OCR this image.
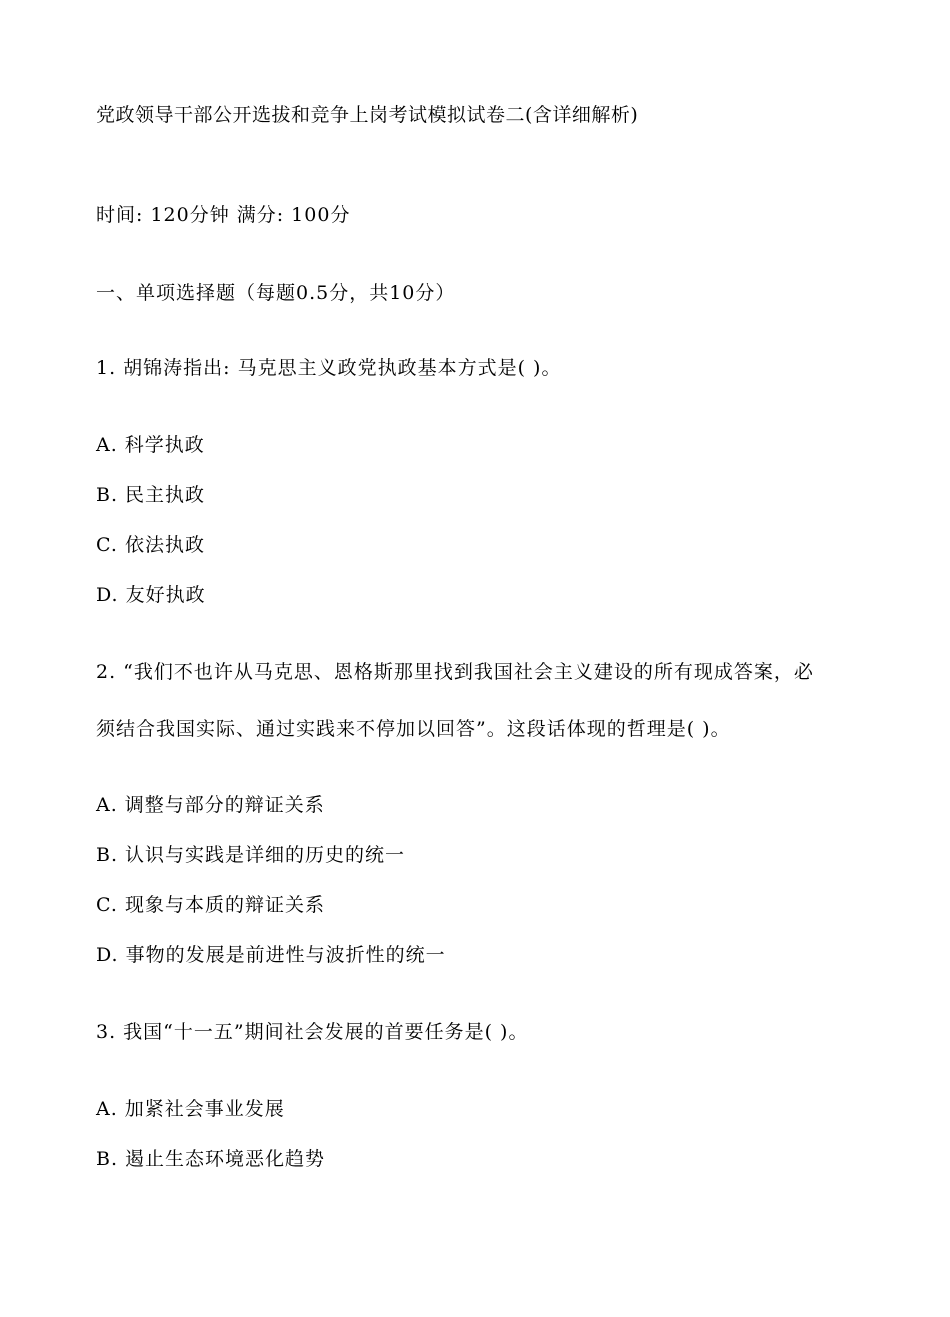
党政领导干部公开选拔和竞争上岗考试模拟试卷二(含详细解析)
时间: 120分钟 满分: 100分
一、单项选择题（每题0.5分，共10分）
1. 胡锦涛指出: 马克思主义政党执政基本方式是( )。
A. 科学执政
B. 民主执政
C. 依法执政
D. 友好执政
2. “我们不也许从马克思、恩格斯那里找到我国社会主义建设的所有现成答案，必
须结合我国实际、通过实践来不停加以回答”。这段话体现的哲理是( )。
A. 调整与部分的辩证关系
B. 认识与实践是详细的历史的统一
C. 现象与本质的辩证关系
D. 事物的发展是前进性与波折性的统一
3. 我国“十一五”期间社会发展的首要任务是( )。
A. 加紧社会事业发展
B. 遏止生态环境恶化趋势
